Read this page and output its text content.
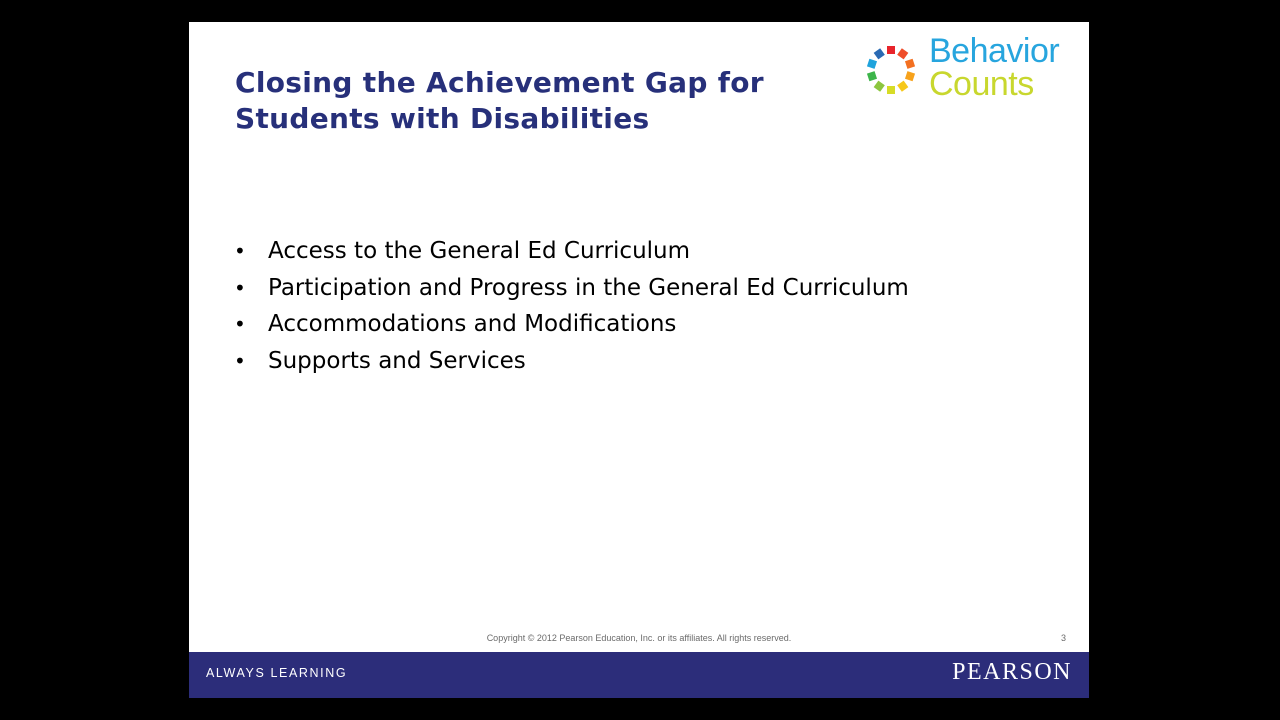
Closing the Achievement Gap for
Students with Disabilities
Behavior
Counts
• Access to the General Ed Curriculum
• Participation and Progress in the General Ed Curriculum
• Accommodations and Modifications
• Supports and Services
Copyright © 2012 Pearson Education, Inc. or its affiliates. All rights reserved.	3
ALWAYS LEARNING	PEARSON
